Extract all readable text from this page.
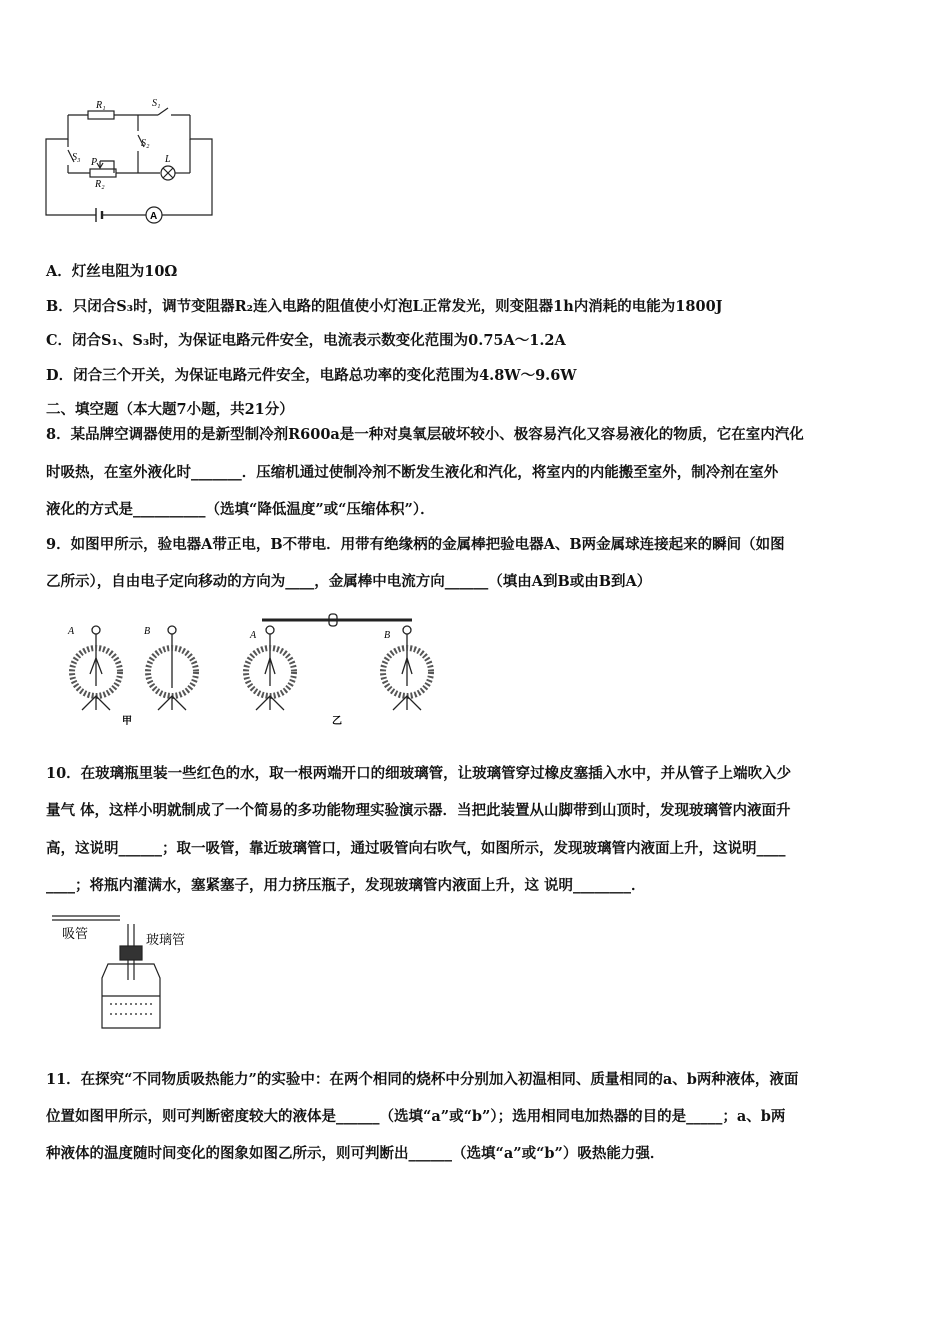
R₁	S₁
S₂
S₃ P
R₂
L
A
A．灯丝电阻为10Ω
B．只闭合S₃时，调节变阻器R₂连入电路的阻值使小灯泡L正常发光，则变阻器1h内消耗的电能为1800J
C．闭合S₁、S₃时，为保证电路元件安全，电流表示数变化范围为0.75A～1.2A
D．闭合三个开关，为保证电路元件安全，电路总功率的变化范围为4.8W～9.6W
二、填空题（本大题7小题，共21分）
8．某品牌空调器使用的是新型制冷剂R600a是一种对臭氧层破坏较小、极容易汽化又容易液化的物质，它在室内汽化
时吸热，在室外液化时_______．压缩机通过使制冷剂不断发生液化和汽化，将室内的内能搬至室外，制冷剂在室外
液化的方式是__________（选填“降低温度”或“压缩体积”）．
9．如图甲所示，验电器A带正电，B不带电．用带有绝缘柄的金属棒把验电器A、B两金属球连接起来的瞬间（如图
乙所示），自由电子定向移动的方向为____，金属棒中电流方向______（填由A到B或由B到A）
A	B	A	B
甲	乙
10．在玻璃瓶里装一些红色的水，取一根两端开口的细玻璃管，让玻璃管穿过橡皮塞插入水中，并从管子上端吹入少
量气 体，这样小明就制成了一个简易的多功能物理实验演示器．当把此装置从山脚带到山顶时，发现玻璃管内液面升
高，这说明______；取一吸管，靠近玻璃管口，通过吸管向右吹气，如图所示，发现玻璃管内液面上升，这说明____
____；将瓶内灌满水，塞紧塞子，用力挤压瓶子，发现玻璃管内液面上升，这 说明________．
吸管	玻璃管
11．在探究“不同物质吸热能力”的实验中：在两个相同的烧杯中分别加入初温相同、质量相同的a、b两种液体，液面
位置如图甲所示，则可判断密度较大的液体是______（选填“a”或“b”）；选用相同电加热器的目的是_____；a、b两
种液体的温度随时间变化的图象如图乙所示，则可判断出______（选填“a”或“b”）吸热能力强．
